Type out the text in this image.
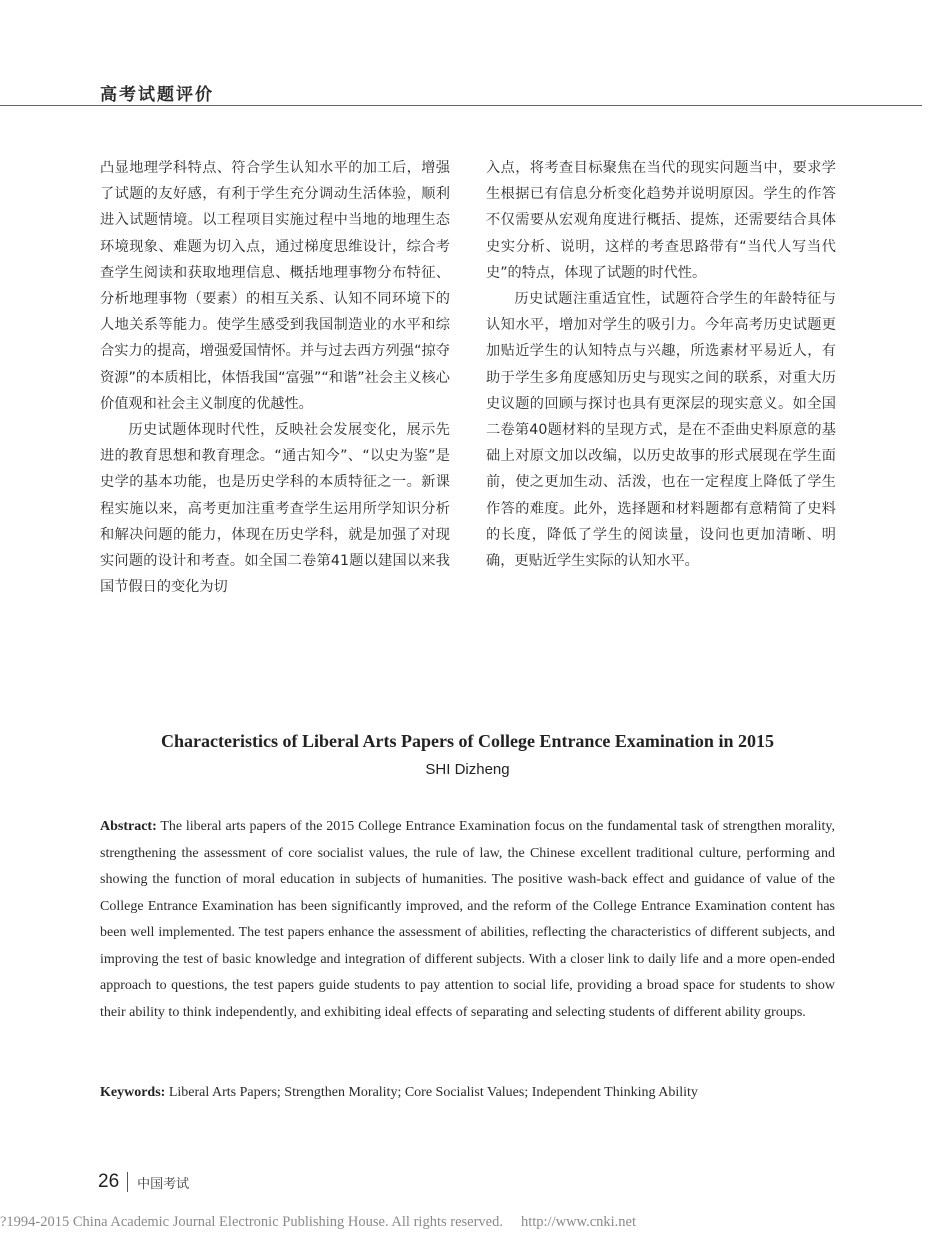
高考试题评价

凸显地理学科特点、符合学生认知水平的加工后，增强了试题的友好感，有利于学生充分调动生活体验，顺利进入试题情境。以工程项目实施过程中当地的地理生态环境现象、难题为切入点，通过梯度思维设计，综合考查学生阅读和获取地理信息、概括地理事物分布特征、分析地理事物（要素）的相互关系、认知不同环境下的人地关系等能力。使学生感受到我国制造业的水平和综合实力的提高，增强爱国情怀。并与过去西方列强“掠夺资源”的本质相比，体悟我国“富强”“和谐”社会主义核心价值观和社会主义制度的优越性。

历史试题体现时代性，反映社会发展变化，展示先进的教育思想和教育理念。“通古知今”、“以史为鉴”是史学的基本功能，也是历史学科的本质特征之一。新课程实施以来，高考更加注重考查学生运用所学知识分析和解决问题的能力，体现在历史学科，就是加强了对现实问题的设计和考查。如全国二卷第41题以建国以来我国节假日的变化为切

入点，将考查目标聚焦在当代的现实问题当中，要求学生根据已有信息分析变化趋势并说明原因。学生的作答不仅需要从宏观角度进行概括、提炼，还需要结合具体史实分析、说明，这样的考查思路带有“当代人写当代史”的特点，体现了试题的时代性。

历史试题注重适宜性，试题符合学生的年龄特征与认知水平，增加对学生的吸引力。今年高考历史试题更加贴近学生的认知特点与兴趣，所选素材平易近人，有助于学生多角度感知历史与现实之间的联系，对重大历史议题的回顾与探讨也具有更深层的现实意义。如全国二卷第40题材料的呈现方式，是在不歪曲史料原意的基础上对原文加以改编，以历史故事的形式展现在学生面前，使之更加生动、活泼，也在一定程度上降低了学生作答的难度。此外，选择题和材料题都有意精简了史料的长度，降低了学生的阅读量，设问也更加清晰、明确，更贴近学生实际的认知水平。

Characteristics of Liberal Arts Papers of College Entrance Examination in 2015
SHI Dizheng
Abstract: The liberal arts papers of the 2015 College Entrance Examination focus on the fundamental task of strengthen morality, strengthening the assessment of core socialist values, the rule of law, the Chinese excellent traditional culture, performing and showing the function of moral education in subjects of humanities. The positive wash-back effect and guidance of value of the College Entrance Examination has been significantly improved, and the reform of the College Entrance Examination content has been well implemented. The test papers enhance the assessment of abilities, reflecting the characteristics of different subjects, and improving the test of basic knowledge and integration of different subjects. With a closer link to daily life and a more open-ended approach to questions, the test papers guide students to pay attention to social life, providing a broad space for students to show their ability to think independently, and exhibiting ideal effects of separating and selecting students of different ability groups.
Keywords: Liberal Arts Papers; Strengthen Morality; Core Socialist Values; Independent Thinking Ability
26 中国考试
?1994-2015 China Academic Journal Electronic Publishing House. All rights reserved. http://www.cnki.net
